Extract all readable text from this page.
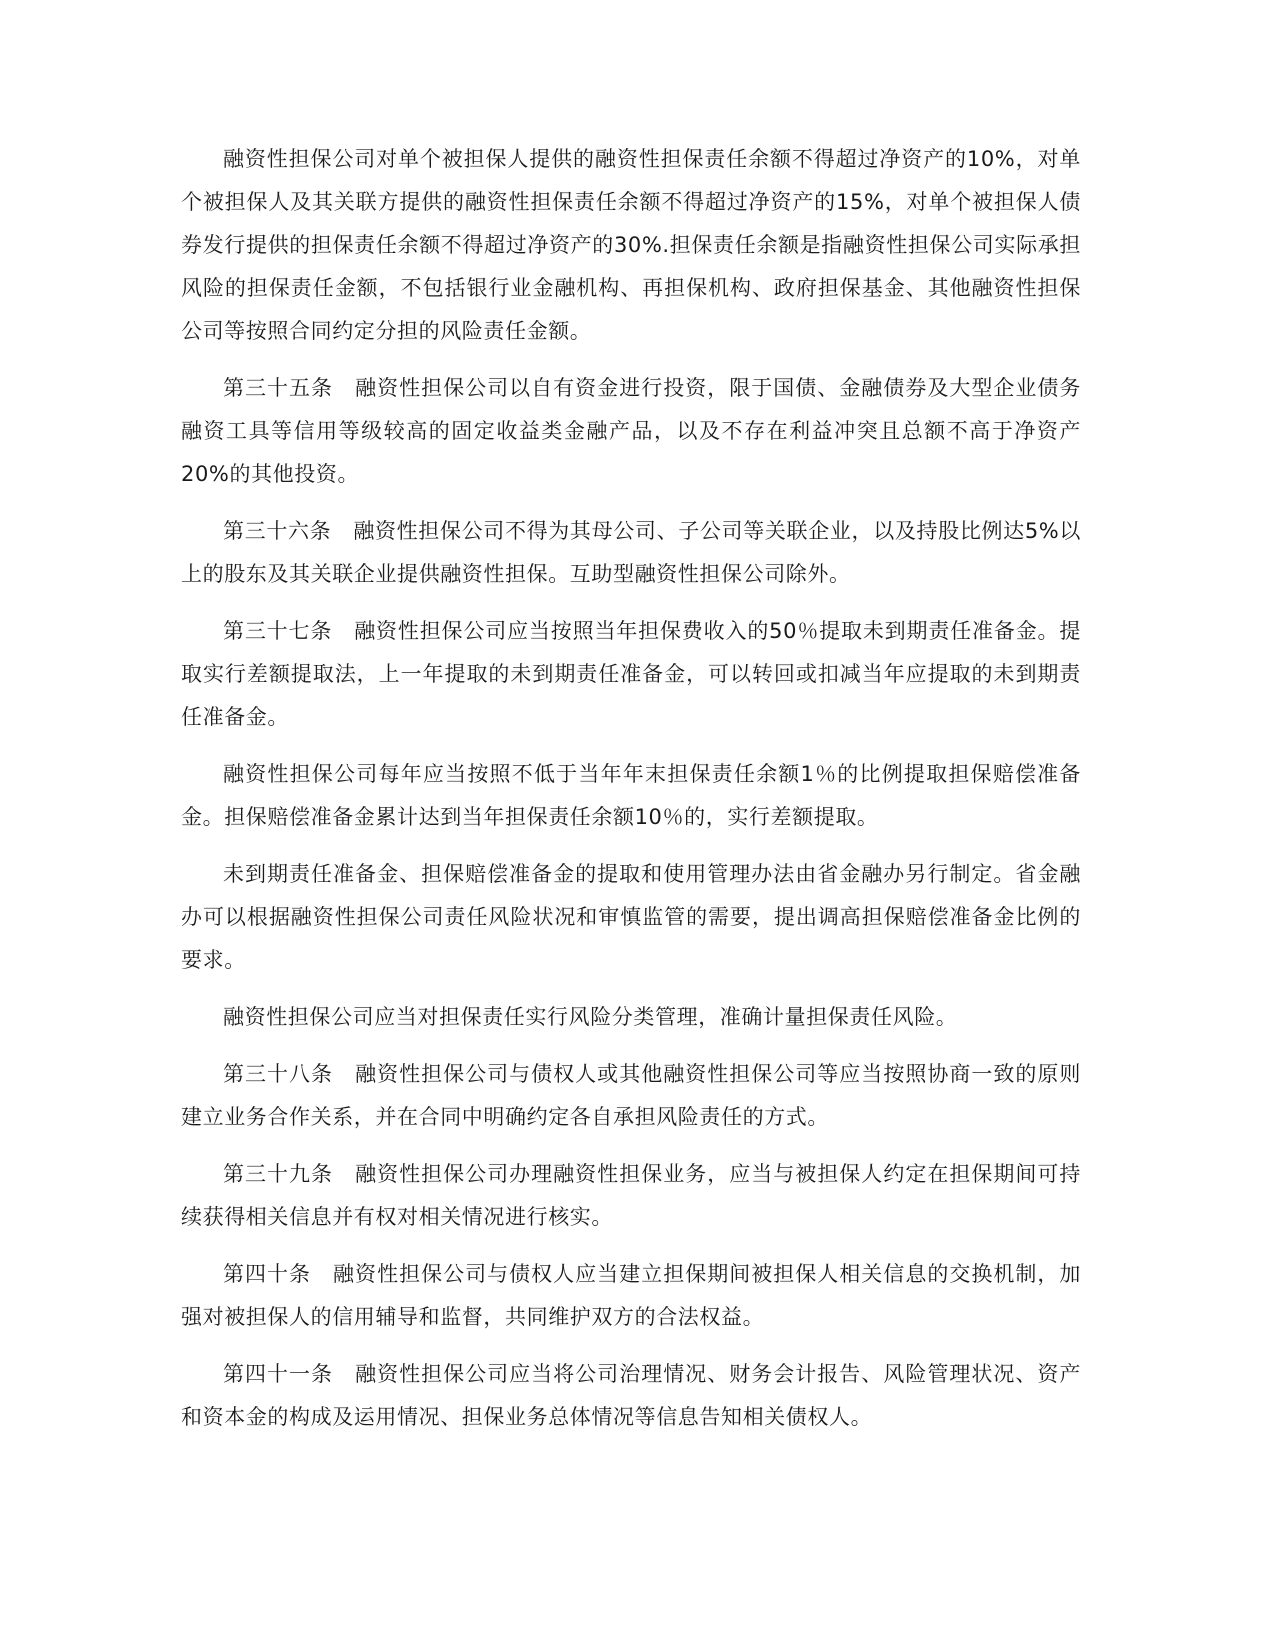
融资性担保公司对单个被担保人提供的融资性担保责任余额不得超过净资产的10%，对单个被担保人及其关联方提供的融资性担保责任余额不得超过净资产的15%，对单个被担保人债券发行提供的担保责任余额不得超过净资产的30%.担保责任余额是指融资性担保公司实际承担风险的担保责任金额，不包括银行业金融机构、再担保机构、政府担保基金、其他融资性担保公司等按照合同约定分担的风险责任金额。

第三十五条 融资性担保公司以自有资金进行投资，限于国债、金融债券及大型企业债务融资工具等信用等级较高的固定收益类金融产品，以及不存在利益冲突且总额不高于净资产20%的其他投资。

第三十六条 融资性担保公司不得为其母公司、子公司等关联企业，以及持股比例达5%以上的股东及其关联企业提供融资性担保。互助型融资性担保公司除外。

第三十七条 融资性担保公司应当按照当年担保费收入的50％提取未到期责任准备金。提取实行差额提取法，上一年提取的未到期责任准备金，可以转回或扣减当年应提取的未到期责任准备金。

融资性担保公司每年应当按照不低于当年年末担保责任余额1％的比例提取担保赔偿准备金。担保赔偿准备金累计达到当年担保责任余额10％的，实行差额提取。

未到期责任准备金、担保赔偿准备金的提取和使用管理办法由省金融办另行制定。省金融办可以根据融资性担保公司责任风险状况和审慎监管的需要，提出调高担保赔偿准备金比例的要求。

融资性担保公司应当对担保责任实行风险分类管理，准确计量担保责任风险。

第三十八条 融资性担保公司与债权人或其他融资性担保公司等应当按照协商一致的原则建立业务合作关系，并在合同中明确约定各自承担风险责任的方式。

第三十九条 融资性担保公司办理融资性担保业务，应当与被担保人约定在担保期间可持续获得相关信息并有权对相关情况进行核实。

第四十条 融资性担保公司与债权人应当建立担保期间被担保人相关信息的交换机制，加强对被担保人的信用辅导和监督，共同维护双方的合法权益。

第四十一条 融资性担保公司应当将公司治理情况、财务会计报告、风险管理状况、资产和资本金的构成及运用情况、担保业务总体情况等信息告知相关债权人。
